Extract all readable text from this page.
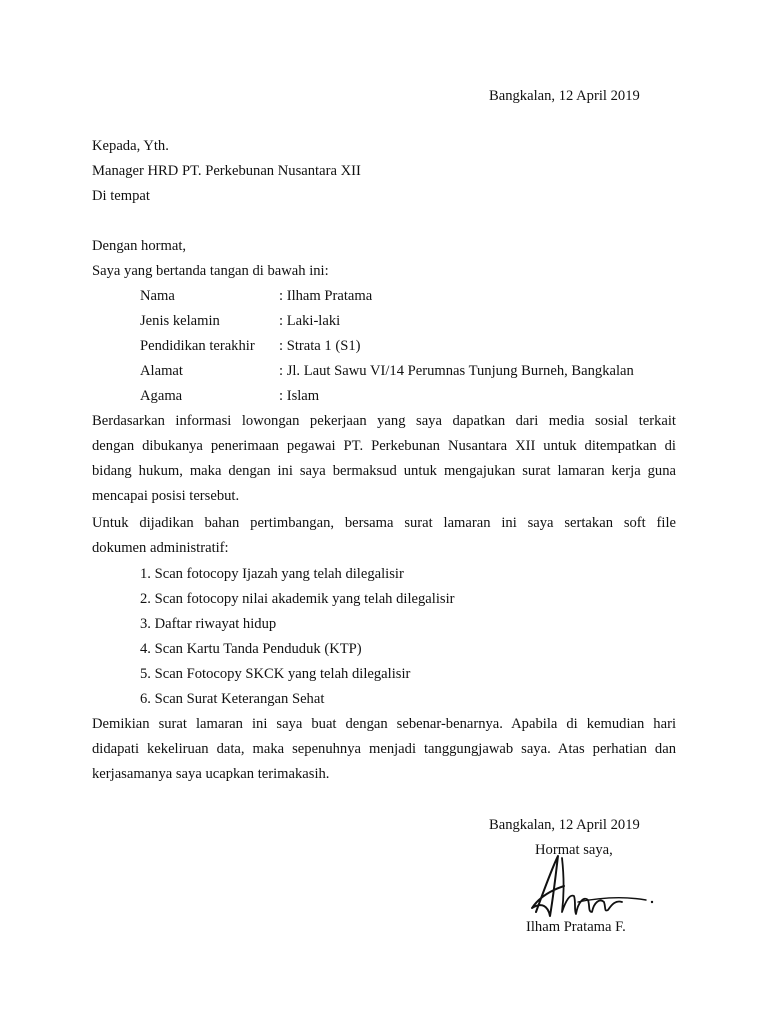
Bangkalan, 12 April 2019
Kepada, Yth.
Manager HRD PT. Perkebunan Nusantara XII
Di tempat
Dengan hormat,
Saya yang bertanda tangan di bawah ini:
Nama	: Ilham Pratama
Jenis kelamin	: Laki-laki
Pendidikan terakhir : Strata 1 (S1)
Alamat	: Jl. Laut Sawu VI/14 Perumnas Tunjung Burneh, Bangkalan
Agama	: Islam
Berdasarkan informasi lowongan pekerjaan yang saya dapatkan dari media sosial terkait
dengan dibukanya penerimaan pegawai PT. Perkebunan Nusantara XII untuk ditempatkan di
bidang hukum, maka dengan ini saya bermaksud untuk mengajukan surat lamaran kerja guna
mencapai posisi tersebut.
Untuk dijadikan bahan pertimbangan, bersama surat lamaran ini saya sertakan soft file
dokumen administratif:
1. Scan fotocopy Ijazah yang telah dilegalisir
2. Scan fotocopy nilai akademik yang telah dilegalisir
3. Daftar riwayat hidup
4. Scan Kartu Tanda Penduduk (KTP)
5. Scan Fotocopy SKCK yang telah dilegalisir
6. Scan Surat Keterangan Sehat
Demikian surat lamaran ini saya buat dengan sebenar-benarnya. Apabila di kemudian hari
didapati kekeliruan data, maka sepenuhnya menjadi tanggungjawab saya. Atas perhatian dan
kerjasamanya saya ucapkan terimakasih.
Bangkalan, 12 April 2019
Hormat saya,
Ilham Pratama F.
